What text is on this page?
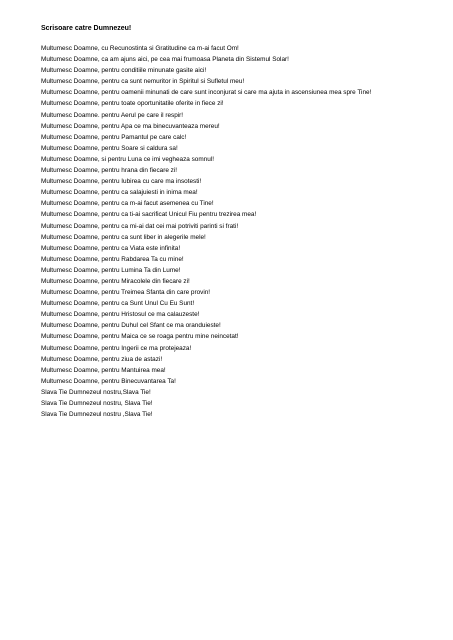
Scrisoare catre Dumnezeu!
Multumesc Doamne, cu Recunostinta si Gratitudine ca m-ai facut Om!
Multumesc Doamne, ca am ajuns aici, pe cea mai frumoasa Planeta din Sistemul Solar!
Multumesc Doamne, pentru conditiile minunate gasite aici!
Multumesc Doamne, pentru ca sunt nemuritor in Spiritul si Sufletul meu!
Multumesc Doamne, pentru oamenii minunati de care sunt inconjurat si care ma ajuta in ascensiunea mea spre Tine!
Multumesc Doamne, pentru toate oportunitatile oferite in fiece zi!
Multumesc Doamne. pentru Aerul pe care il respir!
Multumesc Doamne, pentru Apa ce ma binecuvanteaza mereu!
Multumesc Doamne, pentru Pamantul pe care calc!
Multumesc Doamne, pentru Soare si caldura sa!
Multumesc Doamne, si pentru Luna ce imi vegheaza somnul!
Multumesc Doamne, pentru hrana din fiecare zi!
Multumesc Doamne, pentru Iubirea cu care ma insotesti!
Multumesc Doamne, pentru ca salajuiesti in inima mea!
Multumesc Doamne, pentru ca m-ai facut asemenea cu Tine!
Multumesc Doamne, pentru ca ti-ai sacrificat Unicul Fiu pentru trezirea mea!
Multumesc Doamne, pentru ca mi-ai dat cei mai potriviti parinti si frati!
Multumesc Doamne, pentru ca sunt liber in alegerile mele!
Multumesc Doamne, pentru ca Viata este infinita!
Multumesc Doamne, pentru Rabdarea Ta cu mine!
Multumesc Doamne, pentru Lumina Ta din Lume!
Multumesc Doamne, pentru Miracolele din fiecare zi!
Multumesc Doamne, pentru Treimea Sfanta din care provin!
Multumesc Doamne, pentru ca Sunt Unul Cu Eu Sunt!
Multumesc Doamne, pentru Hristosul ce ma calauzeste!
Multumesc Doamne, pentru Duhul cel Sfant ce ma oranduieste!
Multumesc Doamne, pentru Maica ce se roaga pentru mine neincetat!
Multumesc Doamne, pentru Ingerii ce ma protejeaza!
Multumesc Doamne, pentru ziua de astazi!
Multumesc Doamne, pentru Mantuirea mea!
Multumesc Doamne, pentru Binecuvantarea Ta!
Slava Tie Dumnezeul nostru,Slava Tie!
Slava Tie Dumnezeul nostru, Slava Tie!
Slava Tie Dumnezeul nostru ,Slava Tie!
